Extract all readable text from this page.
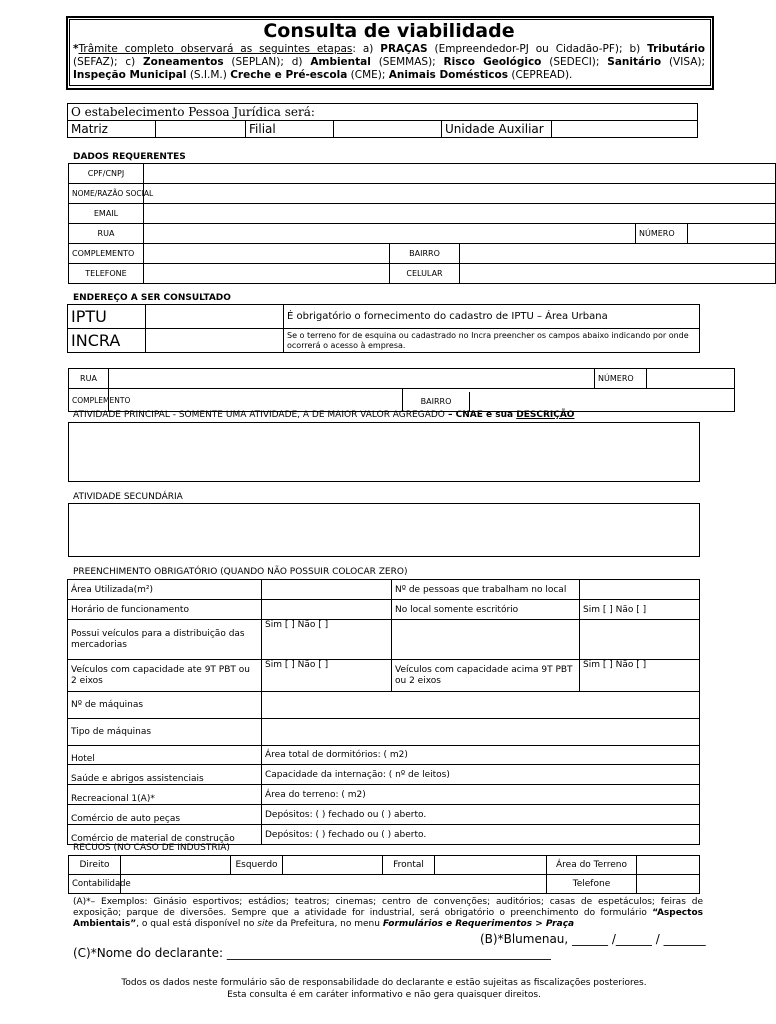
Consulta de viabilidade
*Trâmite completo observará as seguintes etapas: a) PRAÇAS (Empreendedor-PJ ou Cidadão-PF); b) Tributário (SEFAZ); c) Zoneamentos (SEPLAN); d) Ambiental (SEMMAS); Risco Geológico (SEDECI); Sanitário (VISA); Inspeção Municipal (S.I.M.) Creche e Pré-escola (CME); Animais Domésticos (CEPREAD).
O estabelecimento Pessoa Jurídica será:
Matriz		Filial		Unidade Auxiliar	
DADOS REQUERENTES
CPF/CNPJ					
NOME/RAZÃO SOCIAL					
EMAIL					
RUA				NÚMERO	
COMPLEMENTO		BAIRRO			
TELEFONE		CELULAR			
ENDEREÇO A SER CONSULTADO
IPTU		É obrigatório o fornecimento do cadastro de IPTU – Área Urbana
INCRA		Se o terreno for de esquina ou cadastrado no Incra preencher os campos abaixo indicando por onde ocorrerá o acesso à empresa.
RUA			NÚMERO	
COMPLEMENTO		BAIRRO		
ATIVIDADE PRINCIPAL - SOMENTE UMA ATIVIDADE, A DE MAIOR VALOR AGREGADO – CNAE e sua DESCRIÇÃO
ATIVIDADE SECUNDÁRIA
PREENCHIMENTO OBRIGATÓRIO (QUANDO NÃO POSSUIR COLOCAR ZERO)
Área Utilizada(m²)		Nº de pessoas que trabalham no local	
Horário de funcionamento		No local somente escritório	Sim [ ] Não [ ]
Possui veículos para a distribuição das mercadorias	Sim [ ] Não [ ]		
Veículos com capacidade ate 9T PBT ou 2 eixos	Sim [ ] Não [ ]	Veículos com capacidade acima 9T PBT ou 2 eixos	Sim [ ] Não [ ]
Nº de máquinas			
Tipo de máquinas			
Hotel	Área total de dormitórios: ( m2)		
Saúde e abrigos assistenciais	Capacidade da internação: ( nº de leitos)		
Recreacional 1(A)*	Área do terreno: ( m2)		
Comércio de auto peças	Depósitos: ( ) fechado ou ( ) aberto.		
Comércio de material de construção	Depósitos: ( ) fechado ou ( ) aberto.		
RECUOS (NO CASO DE INDUSTRIA)
Direito		Esquerdo		Frontal		Área do Terreno	
Contabilidade						Telefone	
(A)*– Exemplos: Ginásio esportivos; estádios; teatros; cinemas; centro de convenções; auditórios; casas de espetáculos; feiras de exposição; parque de diversões. Sempre que a atividade for industrial, será obrigatório o preenchimento do formulário “Aspectos Ambientais”, o qual está disponível no site da Prefeitura, no menu Formulários e Requerimentos > Praça
(B)*Blumenau, ______ /______ / _______
(C)*Nome do declarante: ______________________________________________________
Todos os dados neste formulário são de responsabilidade do declarante e estão sujeitas as fiscalizações posteriores.
Esta consulta é em caráter informativo e não gera quaisquer direitos.
